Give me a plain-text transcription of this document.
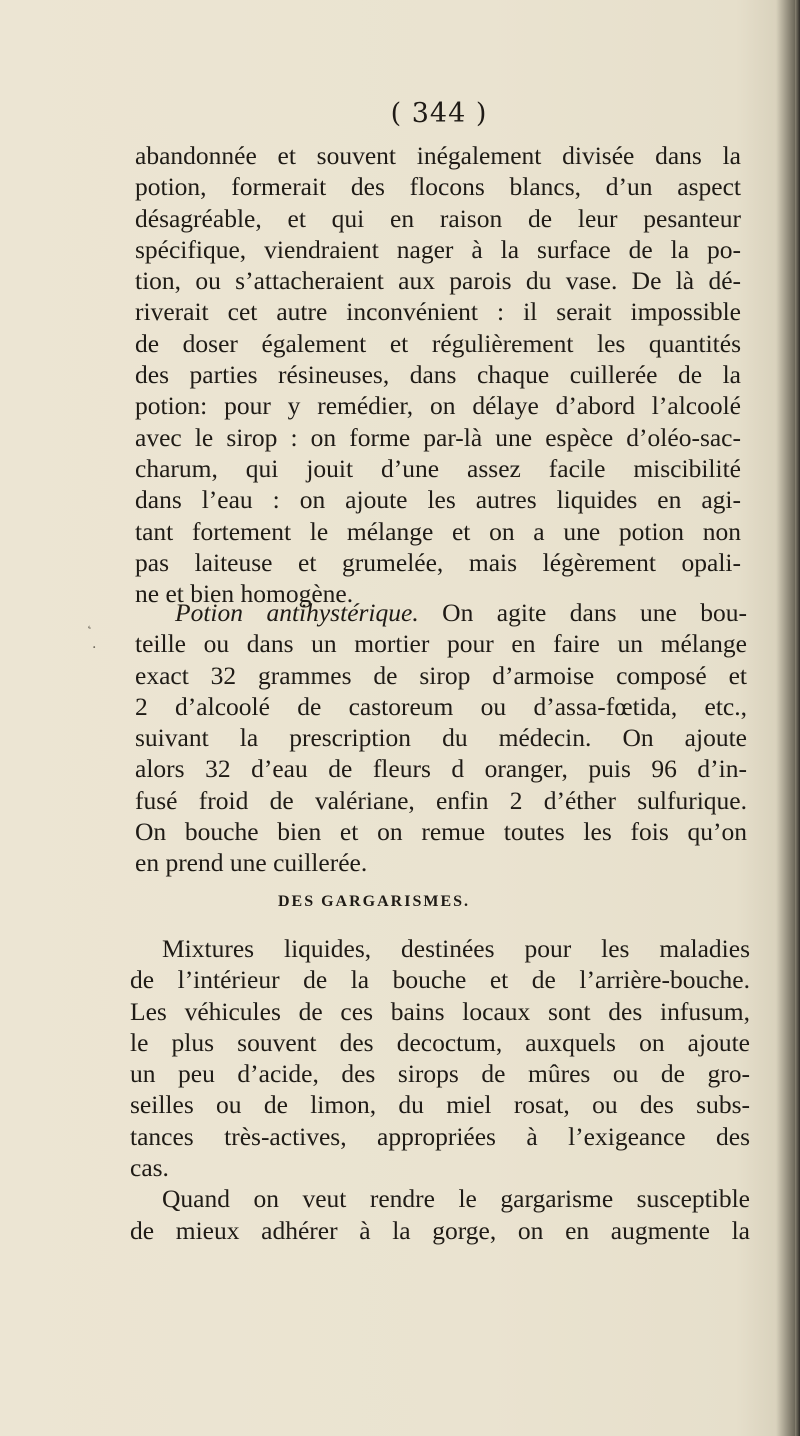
( 344 )
abandonnée et souvent inégalement divisée dans la
potion, formerait des flocons blancs, d’un aspect
désagréable, et qui en raison de leur pesanteur
spécifique, viendraient nager à la surface de la po-
tion, ou s’attacheraient aux parois du vase. De là dé-
riverait cet autre inconvénient : il serait impossible
de doser également et régulièrement les quantités
des parties résineuses, dans chaque cuillerée de la
potion: pour y remédier, on délaye d’abord l’alcoolé
avec le sirop : on forme par-là une espèce d’oléo-sac-
charum, qui jouit d’une assez facile miscibilité
dans l’eau : on ajoute les autres liquides en agi-
tant fortement le mélange et on a une potion non
pas laiteuse et grumelée, mais légèrement opali-
ne et bien homogène.
Potion antihystérique. On agite dans une bou-
teille ou dans un mortier pour en faire un mélange
exact 32 grammes de sirop d’armoise composé et
2 d’alcoolé de castoreum ou d’assa-fœtida, etc.,
suivant la prescription du médecin. On ajoute
alors 32 d’eau de fleurs d oranger, puis 96 d’in-
fusé froid de valériane, enfin 2 d’éther sulfurique.
On bouche bien et on remue toutes les fois qu’on
en prend une cuillerée.
DES GARGARISMES.
Mixtures liquides, destinées pour les maladies
de l’intérieur de la bouche et de l’arrière-bouche.
Les véhicules de ces bains locaux sont des infusum,
le plus souvent des decoctum, auxquels on ajoute
un peu d’acide, des sirops de mûres ou de gro-
seilles ou de limon, du miel rosat, ou des subs-
tances très-actives, appropriées à l’exigeance des
cas.
Quand on veut rendre le gargarisme susceptible
de mieux adhérer à la gorge, on en augmente la
˛
·
